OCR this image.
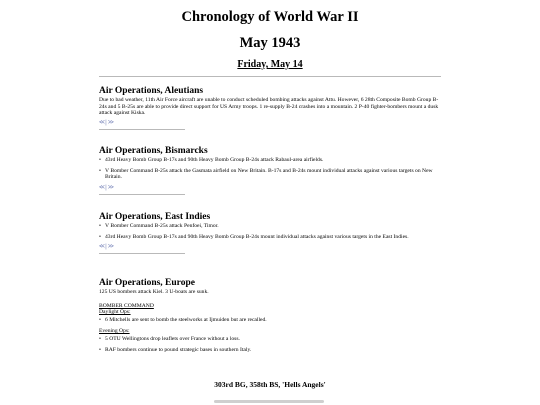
Chronology of World War II
May 1943
Friday, May 14
Air Operations, Aleutians

Due to bad weather, 11th Air Force aircraft are unable to conduct scheduled bombing attacks against Attu. However, 6 28th Composite Bomb Group B-24s and 5 B-25s are able to provide direct support for US Army troops. 1 re-supply B-24 crashes into a mountain. 2 P-40 fighter-bombers mount a dusk attack against Kiska.

<< | >>
Air Operations, Bismarcks
• 43rd Heavy Bomb Group B-17s and 90th Heavy Bomb Group B-24s attack Rabaul-area airfields.
• V Bomber Command B-25s attack the Gasmata airfield on New Britain. B-17s and B-24s mount individual attacks against various targets on New Britain.
<< | >>
Air Operations, East Indies
• V Bomber Command B-25s attack Penfoei, Timor.
• 43rd Heavy Bomb Group B-17s and 90th Heavy Bomb Group B-24s mount individual attacks against various targets in the East Indies.
<< | >>
Air Operations, Europe

125 US bombers attack Kiel. 3 U-boats are sunk.

BOMBER COMMAND

Daylight Ops:

• 6 Mitchells are sent to bomb the steelworks at Ijmuiden but are recalled.

Evening Ops:

• 5 OTU Wellingtons drop leaflets over France without a loss.
• RAF bombers continue to pound strategic bases in southern Italy.
303rd BG, 358th BS, 'Hells Angels'
